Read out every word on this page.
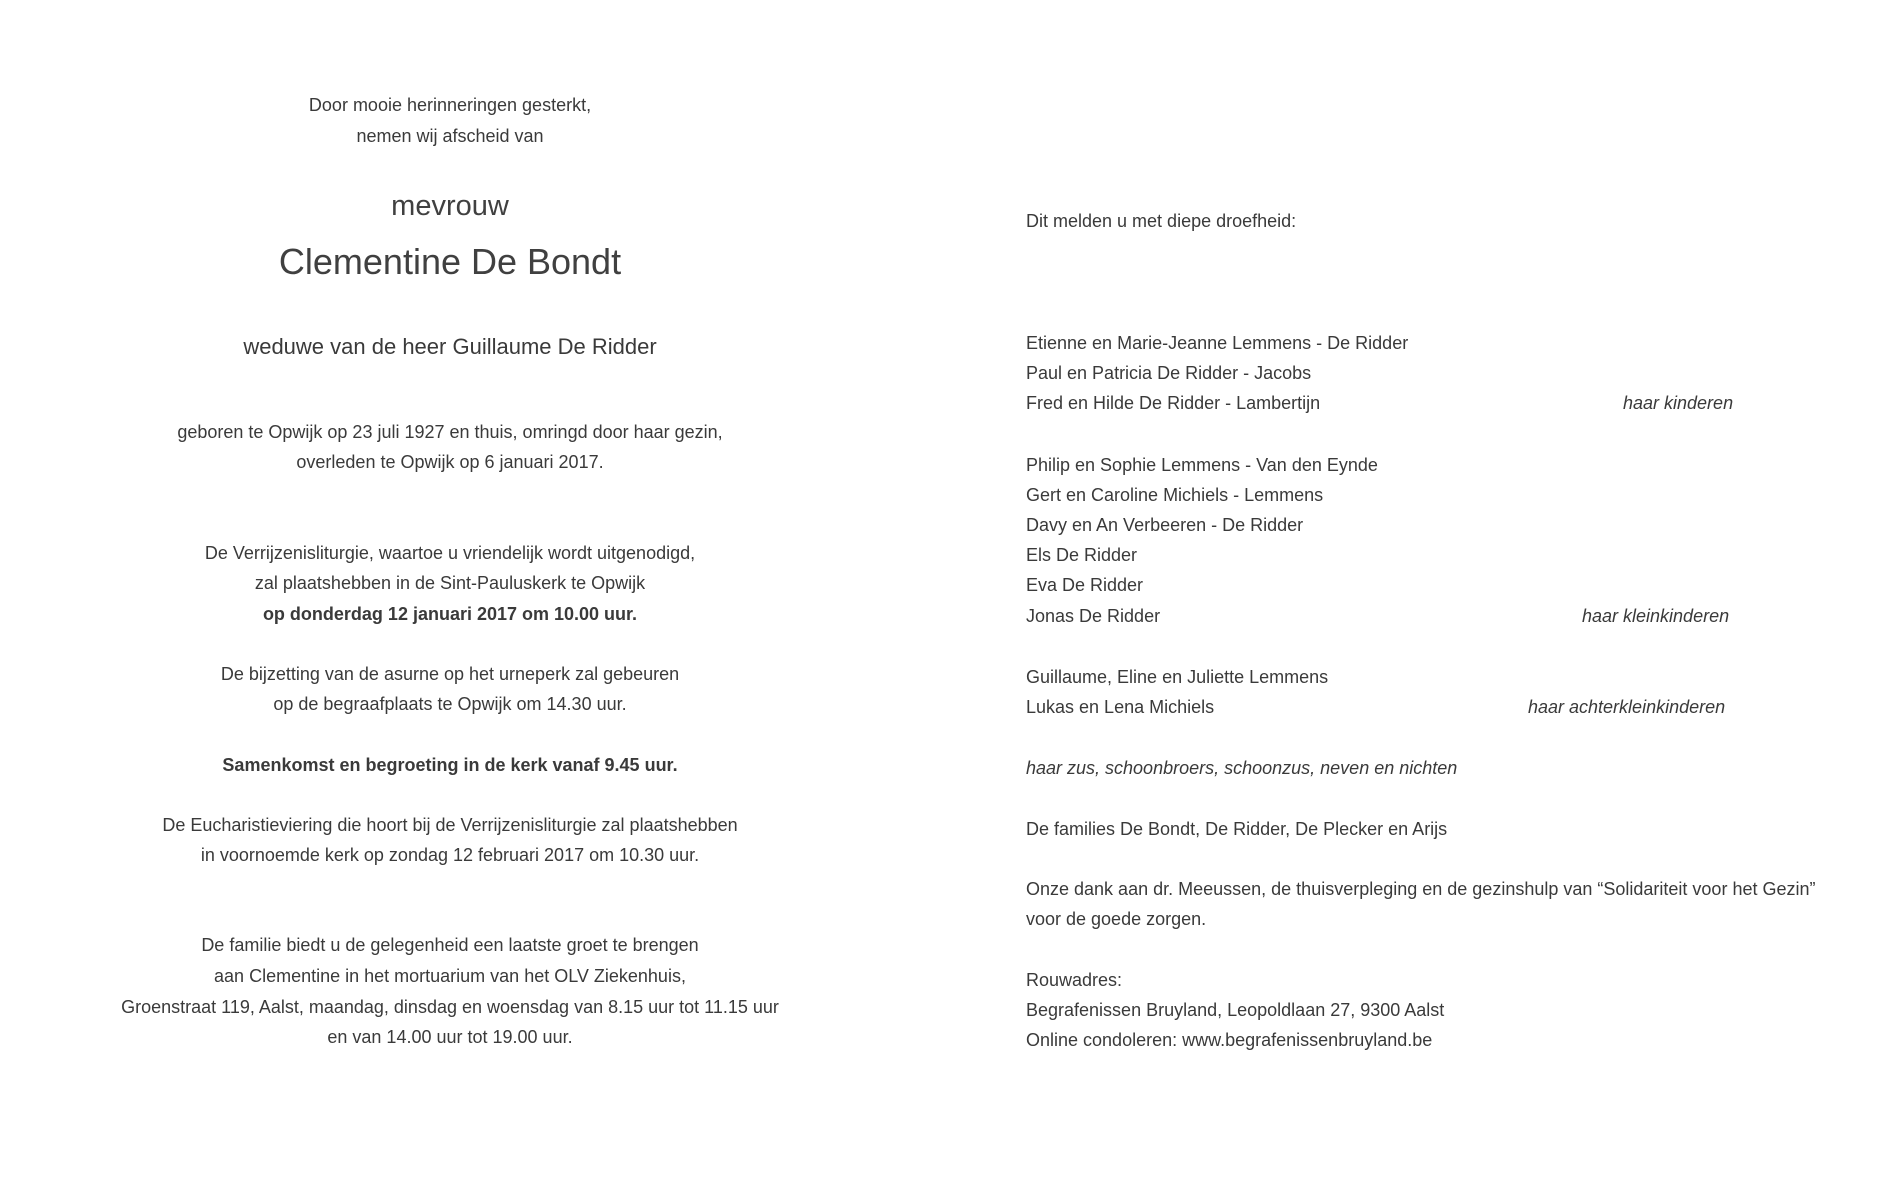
Door mooie herinneringen gesterkt,
nemen wij afscheid van
mevrouw
Clementine De Bondt
weduwe van de heer Guillaume De Ridder
geboren te Opwijk op 23 juli 1927 en thuis, omringd door haar gezin,
overleden te Opwijk op 6 januari 2017.
De Verrijzenisliturgie, waartoe u vriendelijk wordt uitgenodigd,
zal plaatshebben in de Sint-Pauluskerk te Opwijk
op donderdag 12 januari 2017 om 10.00 uur.
De bijzetting van de asurne op het urneperk zal gebeuren
op de begraafplaats te Opwijk om 14.30 uur.
Samenkomst en begroeting in de kerk vanaf 9.45 uur.
De Eucharistieviering die hoort bij de Verrijzenisliturgie zal plaatshebben
in voornoemde kerk op zondag 12 februari 2017 om 10.30 uur.
De familie biedt u de gelegenheid een laatste groet te brengen
aan Clementine in het mortuarium van het OLV Ziekenhuis,
Groenstraat 119, Aalst, maandag, dinsdag en woensdag van 8.15 uur tot 11.15 uur
en van 14.00 uur tot 19.00 uur.
Dit melden u met diepe droefheid:
Etienne en Marie-Jeanne Lemmens - De Ridder
Paul en Patricia De Ridder - Jacobs
Fred en Hilde De Ridder - Lambertijn	haar kinderen
Philip en Sophie Lemmens - Van den Eynde
Gert en Caroline Michiels - Lemmens
Davy en An Verbeeren - De Ridder
Els De Ridder
Eva De Ridder
Jonas De Ridder	haar kleinkinderen
Guillaume, Eline en Juliette Lemmens
Lukas en Lena Michiels	haar achterkleinkinderen
haar zus, schoonbroers, schoonzus, neven en nichten
De families De Bondt, De Ridder, De Plecker en Arijs
Onze dank aan dr. Meeussen, de thuisverpleging en de gezinshulp van “Solidariteit voor het Gezin”
voor de goede zorgen.
Rouwadres:
Begrafenissen Bruyland, Leopoldlaan 27, 9300 Aalst
Online condoleren: www.begrafenissenbruyland.be
